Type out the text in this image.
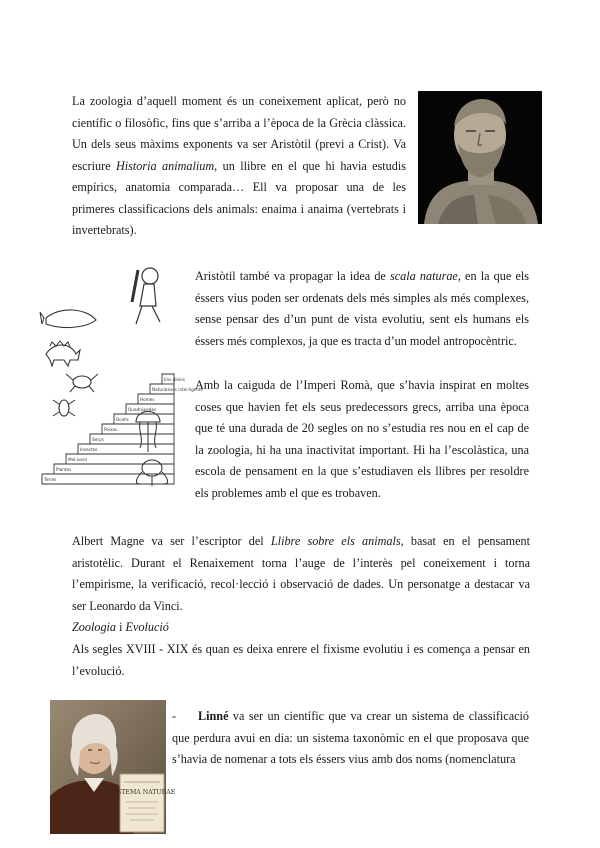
La zoologia d’aquell moment és un coneixement aplicat, però no científic o filosòfic, fins que s’arriba a l’època de la Grècia clàssica. Un dels seus màxims exponents va ser Aristòtil (previ a Crist). Va escriure Historia animalium, un llibre en el que hi havia estudis empírics, anatomia comparada… Ell va proposar una de les primeres classificacions dels animals: enaima i anaima (vertebrats i invertebrats).

Ens divins
Naturaleses intel·ligents
Homes
Quadrúpedes
Ocells
Peixos
Serps
Insectes
Mol·luscs
Plantes
Terres

Aristòtil també va propagar la idea de scala naturae, en la que els éssers vius poden ser ordenats dels més simples als més complexes, sense pensar des d’un punt de vista evolutiu, sent els humans els éssers més complexos, ja que es tracta d’un model antropocèntric.

Amb la caiguda de l’Imperi Romà, que s’havia inspirat en moltes coses que havien fet els seus predecessors grecs, arriba una època que té una durada de 20 segles on no s’estudia res nou en el cap de la zoologia, hi ha una inactivitat important. Hi ha l’escolàstica, una escola de pensament en la que s’estudiaven els llibres per resoldre els problemes amb el que es trobaven.

Albert Magne va ser l’escriptor del Llibre sobre els animals, basat en el pensament aristotèlic. Durant el Renaixement torna l’auge de l’interès pel coneixement i torna l’empirisme, la verificació, recol·lecció i observació de dades. Un personatge a destacar va ser Leonardo da Vinci.

Zoologia i Evolució

Als segles XVIII - XIX és quan es deixa enrere el fixisme evolutiu i es comença a pensar en l’evolució.

SYSTEMA NATURAE

- Linné va ser un científic que va crear un sistema de classificació que perdura avui en dia: un sistema taxonòmic en el que proposava que s’havia de nomenar a tots els éssers vius amb dos noms (nomenclatura
